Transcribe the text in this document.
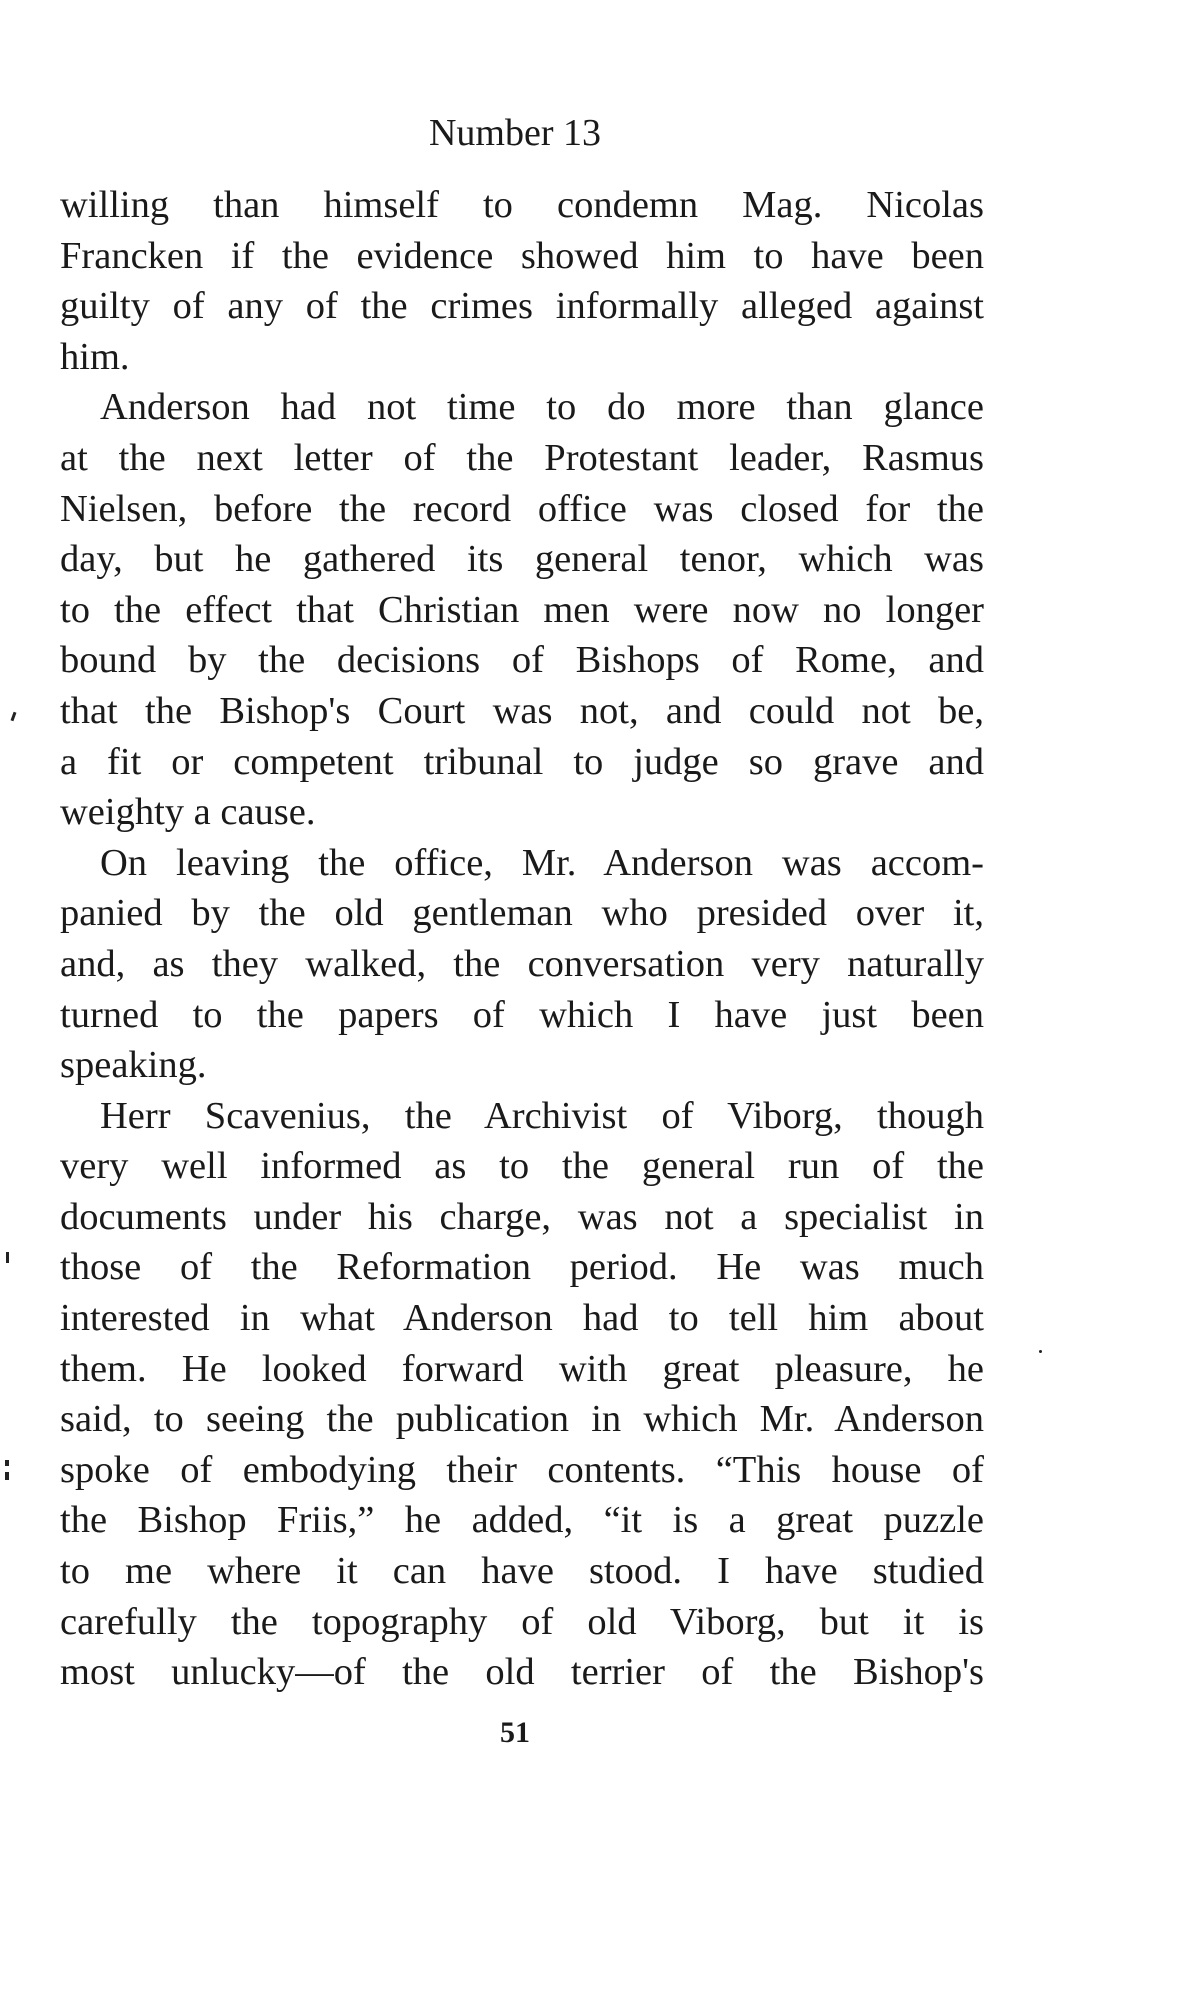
Number 13
willing than himself to condemn Mag. Nicolas
Francken if the evidence showed him to have been
guilty of any of the crimes informally alleged against
him.
Anderson had not time to do more than glance
at the next letter of the Protestant leader, Rasmus
Nielsen, before the record office was closed for the
day, but he gathered its general tenor, which was
to the effect that Christian men were now no longer
bound by the decisions of Bishops of Rome, and
that the Bishop's Court was not, and could not be,
a fit or competent tribunal to judge so grave and
weighty a cause.
On leaving the office, Mr. Anderson was accom-
panied by the old gentleman who presided over it,
and, as they walked, the conversation very naturally
turned to the papers of which I have just been
speaking.
Herr Scavenius, the Archivist of Viborg, though
very well informed as to the general run of the
documents under his charge, was not a specialist in
those of the Reformation period. He was much
interested in what Anderson had to tell him about
them. He looked forward with great pleasure, he
said, to seeing the publication in which Mr. Anderson
spoke of embodying their contents. “This house of
the Bishop Friis,” he added, “it is a great puzzle
to me where it can have stood. I have studied
carefully the topography of old Viborg, but it is
most unlucky—of the old terrier of the Bishop's
51
